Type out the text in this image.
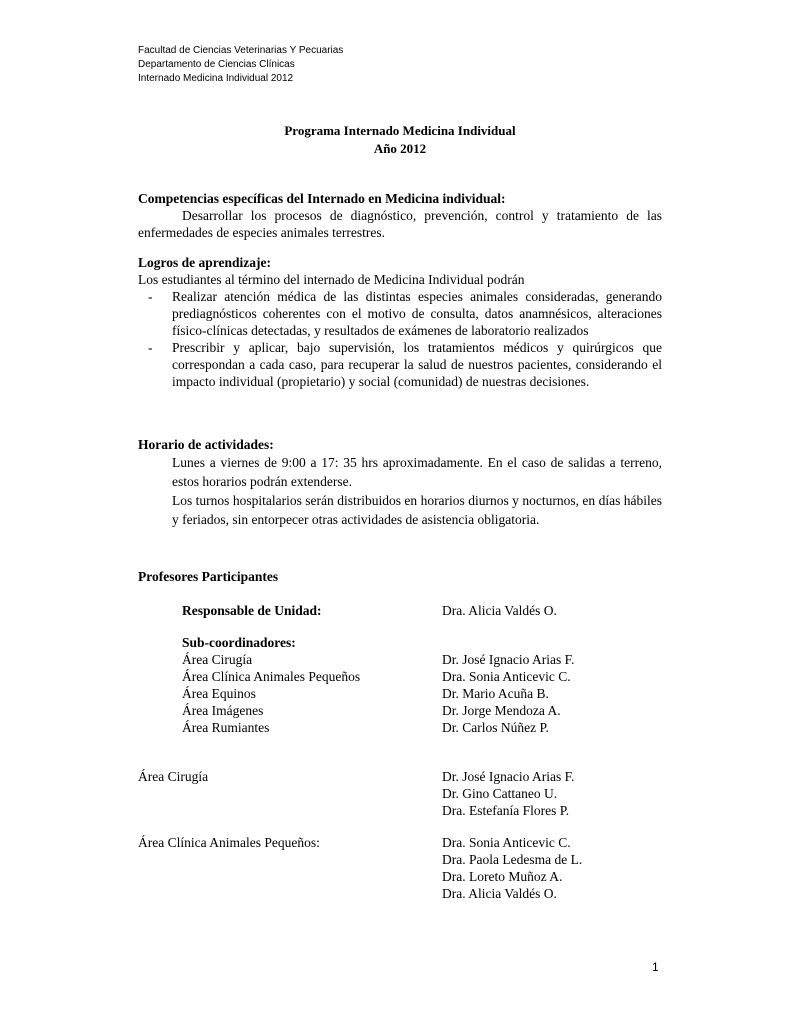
Facultad de Ciencias Veterinarias Y Pecuarias
Departamento de Ciencias Clínicas
Internado Medicina Individual 2012
Programa Internado Medicina Individual
Año 2012

Competencias específicas del Internado en Medicina individual:

Desarrollar los procesos de diagnóstico, prevención, control y tratamiento de las enfermedades de especies animales terrestres.

Logros de aprendizaje:

Los estudiantes al término del internado de Medicina Individual podrán

- Realizar atención médica de las distintas especies animales consideradas, generando prediagnósticos coherentes con el motivo de consulta, datos anamnésicos, alteraciones físico-clínicas detectadas, y resultados de exámenes de laboratorio realizados
- Prescribir y aplicar, bajo supervisión, los tratamientos médicos y quirúrgicos que correspondan a cada caso, para recuperar la salud de nuestros pacientes, considerando el impacto individual (propietario) y social (comunidad) de nuestras decisiones.

Horario de actividades:

Lunes a viernes de 9:00 a 17: 35 hrs aproximadamente. En el caso de salidas a terreno, estos horarios podrán extenderse.

Los turnos hospitalarios serán distribuidos en horarios diurnos y nocturnos, en días hábiles y feriados, sin entorpecer otras actividades de asistencia obligatoria.

Profesores Participantes
Responsable de Unidad:	Dra. Alicia Valdés O.
Sub-coordinadores:
Área Cirugía	Dr. José Ignacio Arias F.
Área Clínica Animales Pequeños	Dra. Sonia Anticevic C.
Área Equinos	Dr. Mario Acuña B.
Área Imágenes	Dr. Jorge Mendoza A.
Área Rumiantes	Dr. Carlos Núñez P.
Área Cirugía	Dr. José Ignacio Arias F.
Dr. Gino Cattaneo U.
Dra. Estefanía Flores P.
Área Clínica Animales Pequeños:	Dra. Sonia Anticevic C.
Dra. Paola Ledesma de L.
Dra. Loreto Muñoz A.
Dra. Alicia Valdés O.
1
